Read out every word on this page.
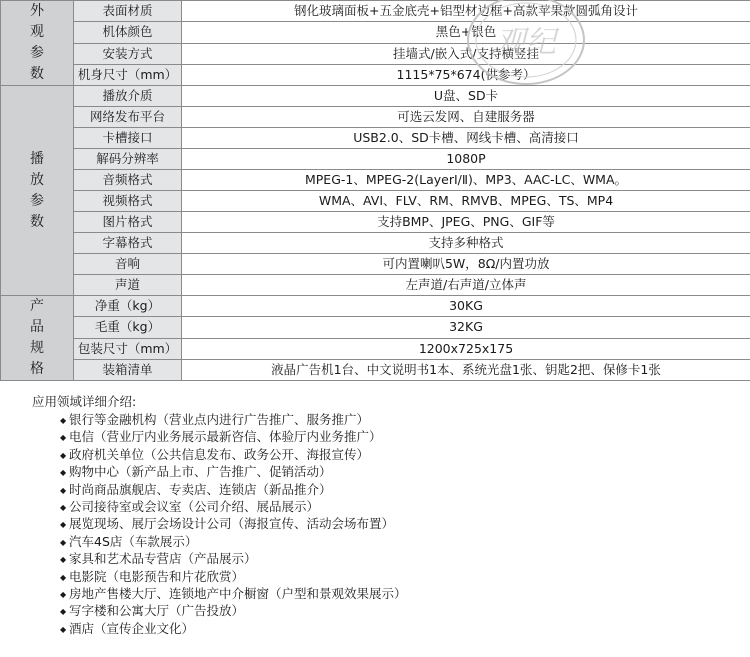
外
观
参
数	表面材质	钢化玻璃面板+五金底壳+铝型材边框+高款苹果款圆弧角设计
	机体颜色	黑色+银色
	安装方式	挂墙式/嵌入式/支持横竖挂
	机身尺寸（mm）	1115*75*674(供参考）

播
放
参
数	播放介质	U盘、SD卡
	网络发布平台	可选云发网、自建服务器
	卡槽接口	USB2.0、SD卡槽、网线卡槽、高清接口
	解码分辨率	1080P
	音频格式	MPEG-1、MPEG-2(LayerⅠ/Ⅱ)、MP3、AAC-LC、WMA。
	视频格式	WMA、AVI、FLV、RM、RMVB、MPEG、TS、MP4
	图片格式	支持BMP、JPEG、PNG、GIF等
	字幕格式	支持多种格式
	音响	可内置喇叭5W，8Ω/内置功放
	声道	左声道/右声道/立体声

产
品
规
格	净重（kg）	30KG
	毛重（kg）	32KG
	包装尺寸（mm）	1200x725x175
	装箱清单	液晶广告机1台、中文说明书1本、系统光盘1张、钥匙2把、保修卡1张
观纪
应用领域详细介绍:
◆ 银行等金融机构（营业点内进行广告推广、服务推广）
◆ 电信（营业厅内业务展示最新咨信、体验厅内业务推广）
◆ 政府机关单位（公共信息发布、政务公开、海报宣传）
◆ 购物中心（新产品上市、广告推广、促销活动）
◆ 时尚商品旗舰店、专卖店、连锁店（新品推介）
◆ 公司接待室或会议室（公司介绍、展品展示）
◆ 展览现场、展厅会场设计公司（海报宣传、活动会场布置）
◆ 汽车4S店（车款展示）
◆ 家具和艺术品专营店（产品展示）
◆ 电影院（电影预告和片花欣赏）
◆ 房地产售楼大厅、连锁地产中介橱窗（户型和景观效果展示）
◆ 写字楼和公寓大厅（广告投放）
◆ 酒店（宣传企业文化）
